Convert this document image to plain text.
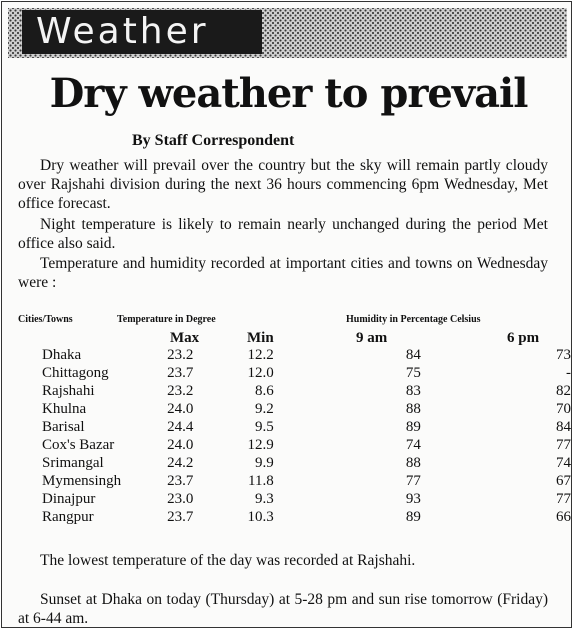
Weather
Dry weather to prevail
By Staff Correspondent
Dry weather will prevail over the country but the sky will remain partly cloudy over Rajshahi division during the next 36 hours commencing 6pm Wednesday, Met office forecast.
Night temperature is likely to remain nearly unchanged during the period Met office also said.
Temperature and humidity recorded at important cities and towns on Wednesday were :
Cities/Towns	Temperature in Degree	Humidity in Percentage Celsius
Max	Min	9 am	6 pm
Dhaka	23.2	12.2		84	73
Chittagong	23.7	12.0		75	-
Rajshahi	23.2	8.6		83	82
Khulna	24.0	9.2		88	70
Barisal	24.4	9.5		89	84
Cox's Bazar	24.0	12.9		74	77
Srimangal	24.2	9.9		88	74
Mymensingh	23.7	11.8		77	67
Dinajpur	23.0	9.3		93	77
Rangpur	23.7	10.3		89	66
The lowest temperature of the day was recorded at Rajshahi.
Sunset at Dhaka on today (Thursday) at 5-28 pm and sun rise tomorrow (Friday) at 6-44 am.
